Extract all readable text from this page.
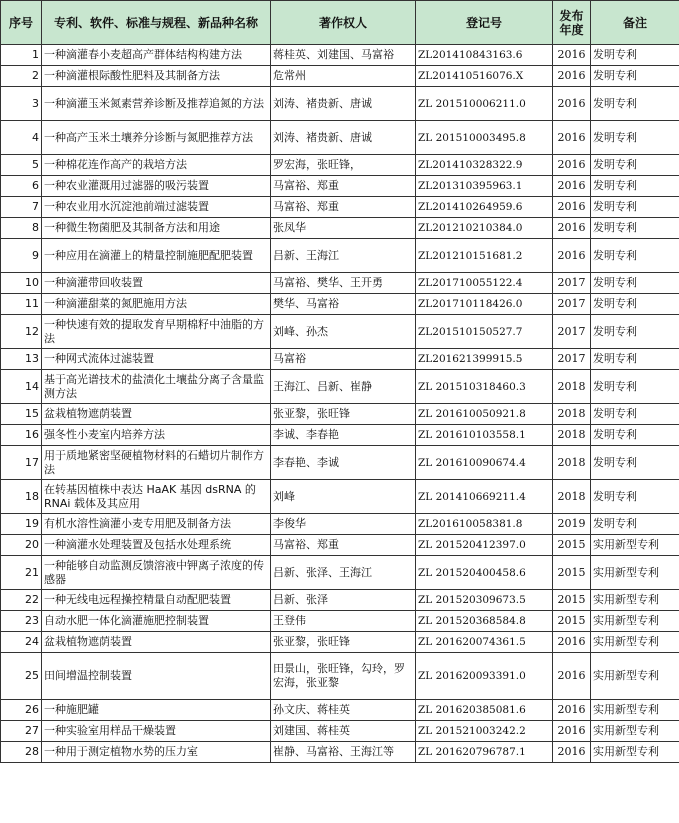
序号	专利、软件、标准与规程、新品种名称	著作权人	登记号	发布年度	备注
1	一种滴灌春小麦超高产群体结构构建方法	蒋桂英、刘建国、马富裕	ZL201410843163.6	2016	发明专利
2	一种滴灌根际酸性肥料及其制备方法	危常州	ZL201410516076.X	2016	发明专利
3	一种滴灌玉米氮素营养诊断及推荐追氮的方法	刘涛、褚贵新、唐诚	ZL 201510006211.0	2016	发明专利
4	一种高产玉米土壤养分诊断与氮肥推荐方法	刘涛、褚贵新、唐诚	ZL 201510003495.8	2016	发明专利
5	一种棉花连作高产的栽培方法	罗宏海，张旺锋，	ZL201410328322.9	2016	发明专利
6	一种农业灌溉用过滤器的吸污装置	马富裕、郑重	ZL201310395963.1	2016	发明专利
7	一种农业用水沉淀池前端过滤装置	马富裕、郑重	ZL201410264959.6	2016	发明专利
8	一种微生物菌肥及其制备方法和用途	张凤华	ZL201210210384.0	2016	发明专利
9	一种应用在滴灌上的精量控制施肥配肥装置	吕新、王海江	ZL201210151681.2	2016	发明专利
10	一种滴灌带回收装置	马富裕、樊华、王开勇	ZL201710055122.4	2017	发明专利
11	一种滴灌甜菜的氮肥施用方法	樊华、马富裕	ZL201710118426.0	2017	发明专利
12	一种快速有效的提取发育早期棉籽中油脂的方法	刘峰、孙杰	ZL201510150527.7	2017	发明专利
13	一种网式流体过滤装置	马富裕	ZL201621399915.5	2017	发明专利
14	基于高光谱技术的盐渍化土壤盐分离子含量监测方法	王海江、吕新、崔静	ZL 201510318460.3	2018	发明专利
15	盆栽植物遮荫装置	张亚黎，张旺锋	ZL 201610050921.8	2018	发明专利
16	强冬性小麦室内培养方法	李诚、李春艳	ZL 201610103558.1	2018	发明专利
17	用于质地紧密坚硬植物材料的石蜡切片制作方法	李春艳、李诚	ZL 201610090674.4	2018	发明专利
18	在转基因植株中表达 HaAK 基因 dsRNA 的 RNAi 载体及其应用	刘峰	ZL 201410669211.4	2018	发明专利
19	有机水溶性滴灌小麦专用肥及制备方法	李俊华	ZL201610058381.8	2019	发明专利
20	一种滴灌水处理装置及包括水处理系统	马富裕、郑重	ZL 201520412397.0	2015	实用新型专利
21	一种能够自动监测反馈溶液中钾离子浓度的传感器	吕新、张泽、王海江	ZL 201520400458.6	2015	实用新型专利
22	一种无线电远程操控精量自动配肥装置	吕新、张泽	ZL 201520309673.5	2015	实用新型专利
23	自动水肥一体化滴灌施肥控制装置	王登伟	ZL 201520368584.8	2015	实用新型专利
24	盆栽植物遮荫装置	张亚黎，张旺锋	ZL 201620074361.5	2016	实用新型专利
25	田间增温控制装置	田景山，张旺锋，勾玲，罗宏海，张亚黎	ZL 201620093391.0	2016	实用新型专利
26	一种施肥罐	孙文庆、蒋桂英	ZL 201620385081.6	2016	实用新型专利
27	一种实验室用样品干燥装置	刘建国、蒋桂英	ZL 201521003242.2	2016	实用新型专利
28	一种用于测定植物水势的压力室	崔静、马富裕、王海江等	ZL 201620796787.1	2016	实用新型专利
